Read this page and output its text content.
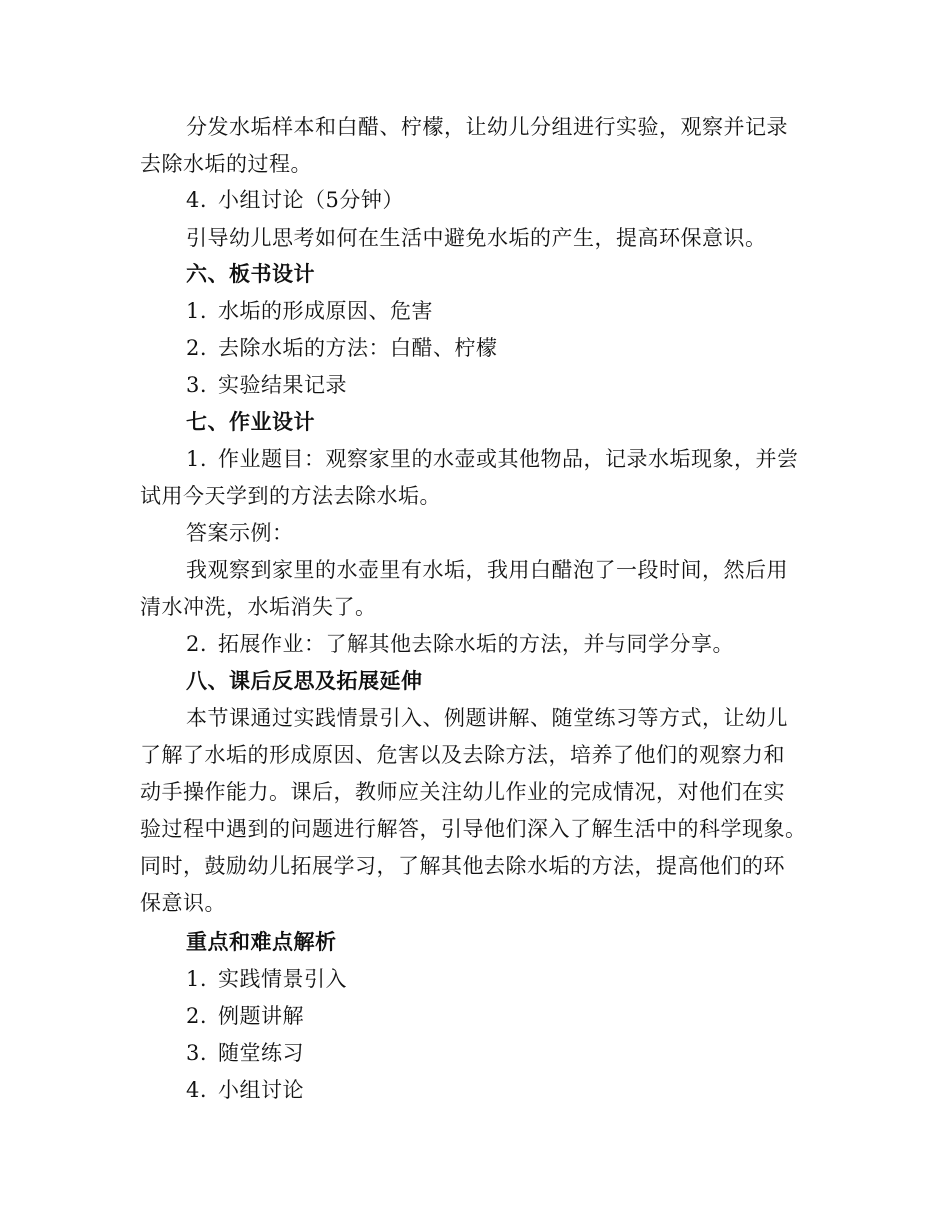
分发水垢样本和白醋、柠檬，让幼儿分组进行实验，观察并记录
去除水垢的过程。
4. 小组讨论（5分钟）
引导幼儿思考如何在生活中避免水垢的产生，提高环保意识。
六、板书设计
1. 水垢的形成原因、危害
2. 去除水垢的方法：白醋、柠檬
3. 实验结果记录
七、作业设计
1. 作业题目：观察家里的水壶或其他物品，记录水垢现象，并尝
试用今天学到的方法去除水垢。
答案示例：
我观察到家里的水壶里有水垢，我用白醋泡了一段时间，然后用
清水冲洗，水垢消失了。
2. 拓展作业：了解其他去除水垢的方法，并与同学分享。
八、课后反思及拓展延伸
本节课通过实践情景引入、例题讲解、随堂练习等方式，让幼儿
了解了水垢的形成原因、危害以及去除方法，培养了他们的观察力和
动手操作能力。课后，教师应关注幼儿作业的完成情况，对他们在实
验过程中遇到的问题进行解答，引导他们深入了解生活中的科学现象。
同时，鼓励幼儿拓展学习，了解其他去除水垢的方法，提高他们的环
保意识。
重点和难点解析
1. 实践情景引入
2. 例题讲解
3. 随堂练习
4. 小组讨论
